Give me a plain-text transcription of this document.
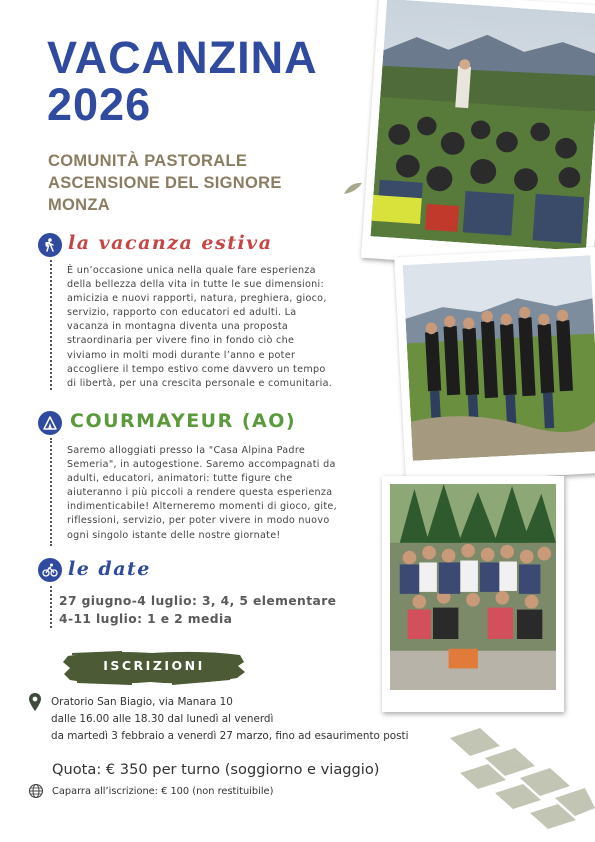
VACANZINA
2026
COMUNITÀ PASTORALE
ASCENSIONE DEL SIGNORE
MONZA
la vacanza estiva
È un’occasione unica nella quale fare esperienza
della bellezza della vita in tutte le sue dimensioni:
amicizia e nuovi rapporti, natura, preghiera, gioco,
servizio, rapporto con educatori ed adulti. La
vacanza in montagna diventa una proposta
straordinaria per vivere fino in fondo ciò che
viviamo in molti modi durante l’anno e poter
accogliere il tempo estivo come davvero un tempo
di libertà, per una crescita personale e comunitaria.
COURMAYEUR (AO)
Saremo alloggiati presso la "Casa Alpina Padre
Semeria", in autogestione. Saremo accompagnati da
adulti, educatori, animatori: tutte figure che
aiuteranno i più piccoli a rendere questa esperienza
indimenticabile! Alterneremo momenti di gioco, gite,
riflessioni, servizio, per poter vivere in modo nuovo
ogni singolo istante delle nostre giornate!
le date
27 giugno-4 luglio: 3, 4, 5 elementare
4-11 luglio: 1 e 2 media
ISCRIZIONI
Oratorio San Biagio, via Manara 10
dalle 16.00 alle 18.30 dal lunedì al venerdì
da martedì 3 febbraio a venerdì 27 marzo, fino ad esaurimento posti
Quota: € 350 per turno (soggiorno e viaggio)
Caparra all’iscrizione: € 100 (non restituibile)
